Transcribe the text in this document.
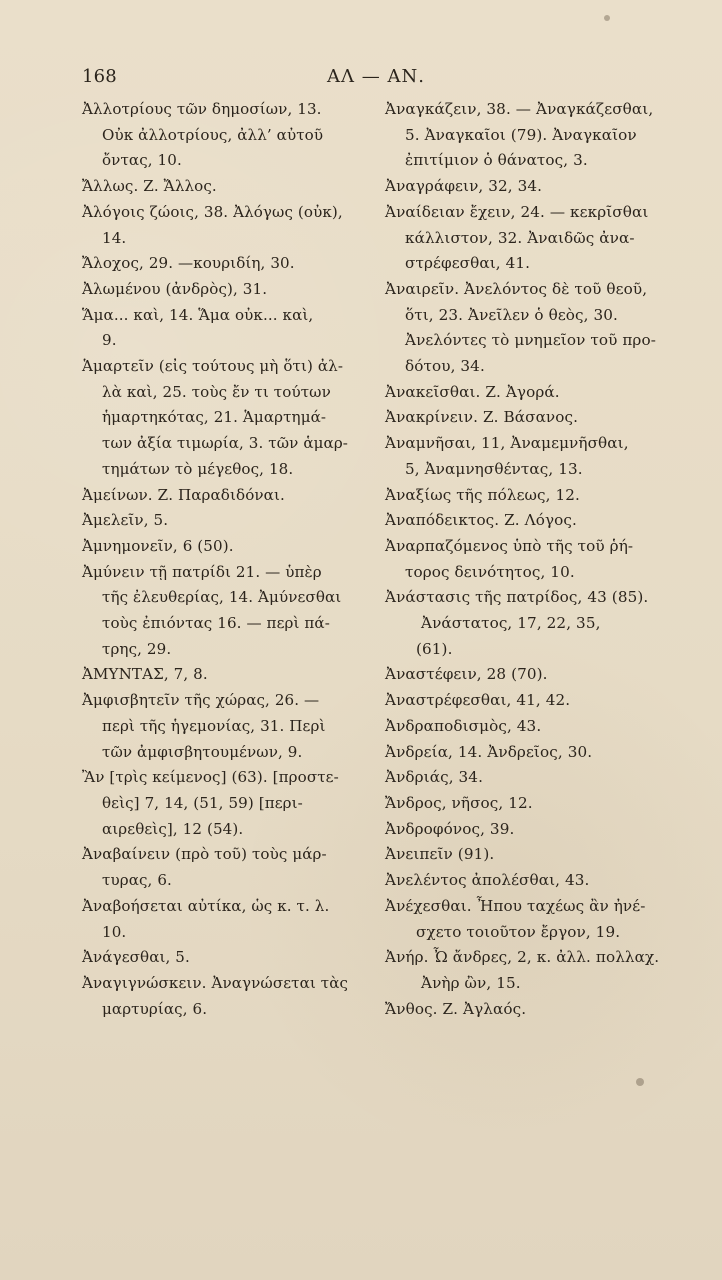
168	ΑΛ — ΑΝ.

Ἀλλοτρίους τῶν δημοσίων, 13.

Οὐκ ἀλλοτρίους, ἀλλ’ αὐτοῦ

ὄντας, 10.

Ἄλλως. Ζ. Ἄλλος.

Ἀλόγοις ζώοις, 38. Ἀλόγως (οὐκ),

14.

Ἄλοχος, 29. —κουριδίη, 30.

Ἀλωμένου (ἀνδρὸς), 31.

Ἅμα... καὶ, 14. Ἅμα οὐκ... καὶ,

9.

Ἁμαρτεῖν (εἰς τούτους μὴ ὅτι) ἀλ-

λὰ καὶ, 25. τοὺς ἔν τι τούτων

ἡμαρτηκότας, 21. Ἁμαρτημά-

των ἀξία τιμωρία, 3. τῶν ἁμαρ-

τημάτων τὸ μέγεθος, 18.

Ἀμείνων. Ζ. Παραδιδόναι.

Ἀμελεῖν, 5.

Ἀμνημονεῖν, 6 (50).

Ἀμύνειν τῇ πατρίδι 21. — ὑπὲρ

τῆς ἐλευθερίας, 14. Ἀμύνεσθαι

τοὺς ἐπιόντας 16. — περὶ πά-

τρης, 29.

ἈΜΥΝΤΑΣ, 7, 8.

Ἀμφισβητεῖν τῆς χώρας, 26. —

περὶ τῆς ἡγεμονίας, 31. Περὶ

τῶν ἀμφισβητουμένων, 9.

Ἂν [τρὶς κείμενος] (63). [προστε-

θεὶς] 7, 14, (51, 59) [περι-

αιρεθεὶς], 12 (54).

Ἀναβαίνειν (πρὸ τοῦ) τοὺς μάρ-

τυρας, 6.

Ἀναβοήσεται αὐτίκα, ὡς κ. τ. λ.

10.

Ἀνάγεσθαι, 5.

Ἀναγιγνώσκειν. Ἀναγνώσεται τὰς

μαρτυρίας, 6.

Ἀναγκάζειν, 38. — Ἀναγκάζεσθαι,

5. Ἀναγκαῖοι (79). Ἀναγκαῖον

ἐπιτίμιον ὁ θάνατος, 3.

Ἀναγράφειν, 32, 34.

Ἀναίδειαν ἔχειν, 24. — κεκρῖσθαι

κάλλιστον, 32. Ἀναιδῶς ἀνα-

στρέφεσθαι, 41.

Ἀναιρεῖν. Ἀνελόντος δὲ τοῦ θεοῦ,

ὅτι, 23. Ἀνεῖλεν ὁ θεὸς, 30.

Ἀνελόντες τὸ μνημεῖον τοῦ προ-

δότου, 34.

Ἀνακεῖσθαι. Ζ. Ἀγορά.

Ἀνακρίνειν. Ζ. Βάσανος.

Ἀναμνῆσαι, 11, Ἀναμεμνῆσθαι,

5, Ἀναμνησθέντας, 13.

Ἀναξίως τῆς πόλεως, 12.

Ἀναπόδεικτος. Ζ. Λόγος.

Ἀναρπαζόμενος ὑπὸ τῆς τοῦ ῥή-

τορος δεινότητος, 10.

Ἀνάστασις τῆς πατρίδος, 43 (85).

Ἀνάστατος, 17, 22, 35,

(61).

Ἀναστέφειν, 28 (70).

Ἀναστρέφεσθαι, 41, 42.

Ἀνδραποδισμὸς, 43.

Ἀνδρεία, 14. Ἀνδρεῖος, 30.

Ἀνδριάς, 34.

Ἄνδρος, νῆσος, 12.

Ἀνδροφόνος, 39.

Ἀνειπεῖν (91).

Ἀνελέντος ἀπολέσθαι, 43.

Ἀνέχεσθαι. Ἦπου ταχέως ἂν ἠνέ-

σχετο τοιοῦτον ἔργον, 19.

Ἀνήρ. Ὦ ἄνδρες, 2, κ. ἀλλ. πολλαχ.

Ἀνὴρ ὢν, 15.

Ἄνθος. Ζ. Ἀγλαός.
